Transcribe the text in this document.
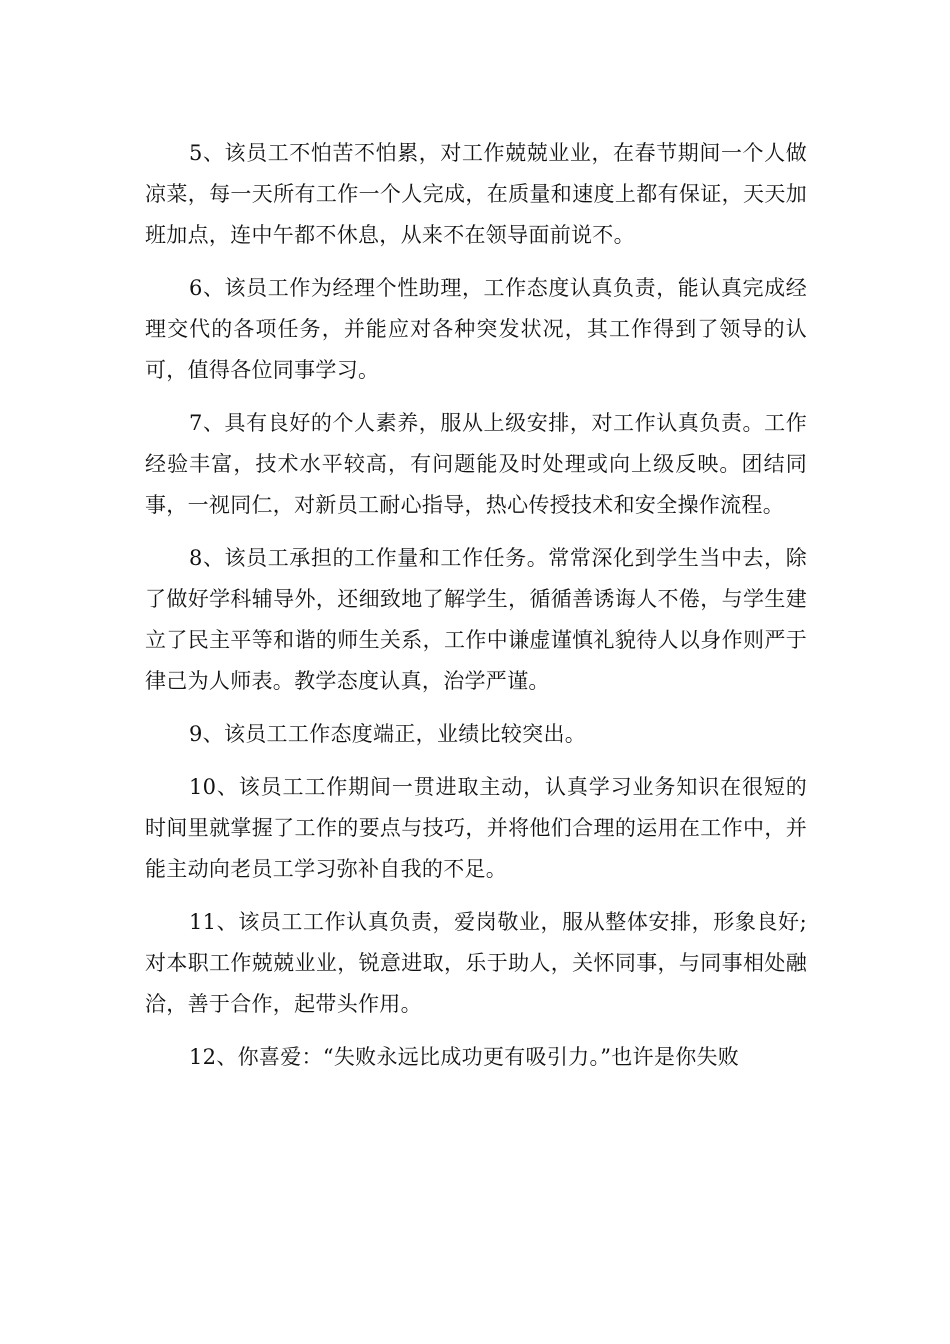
5、该员工不怕苦不怕累，对工作兢兢业业，在春节期间一个人做凉菜，每一天所有工作一个人完成，在质量和速度上都有保证，天天加班加点，连中午都不休息，从来不在领导面前说不。

6、该员工作为经理个性助理，工作态度认真负责，能认真完成经理交代的各项任务，并能应对各种突发状况，其工作得到了领导的认可，值得各位同事学习。

7、具有良好的个人素养，服从上级安排，对工作认真负责。工作经验丰富，技术水平较高，有问题能及时处理或向上级反映。团结同事，一视同仁，对新员工耐心指导，热心传授技术和安全操作流程。

8、该员工承担的工作量和工作任务。常常深化到学生当中去，除了做好学科辅导外，还细致地了解学生，循循善诱诲人不倦，与学生建立了民主平等和谐的师生关系，工作中谦虚谨慎礼貌待人以身作则严于律己为人师表。教学态度认真，治学严谨。

9、该员工工作态度端正，业绩比较突出。

10、该员工工作期间一贯进取主动，认真学习业务知识在很短的时间里就掌握了工作的要点与技巧，并将他们合理的运用在工作中，并能主动向老员工学习弥补自我的不足。

11、该员工工作认真负责，爱岗敬业，服从整体安排，形象良好;对本职工作兢兢业业，锐意进取，乐于助人，关怀同事，与同事相处融洽，善于合作，起带头作用。

12、你喜爱：“失败永远比成功更有吸引力。”也许是你失败
